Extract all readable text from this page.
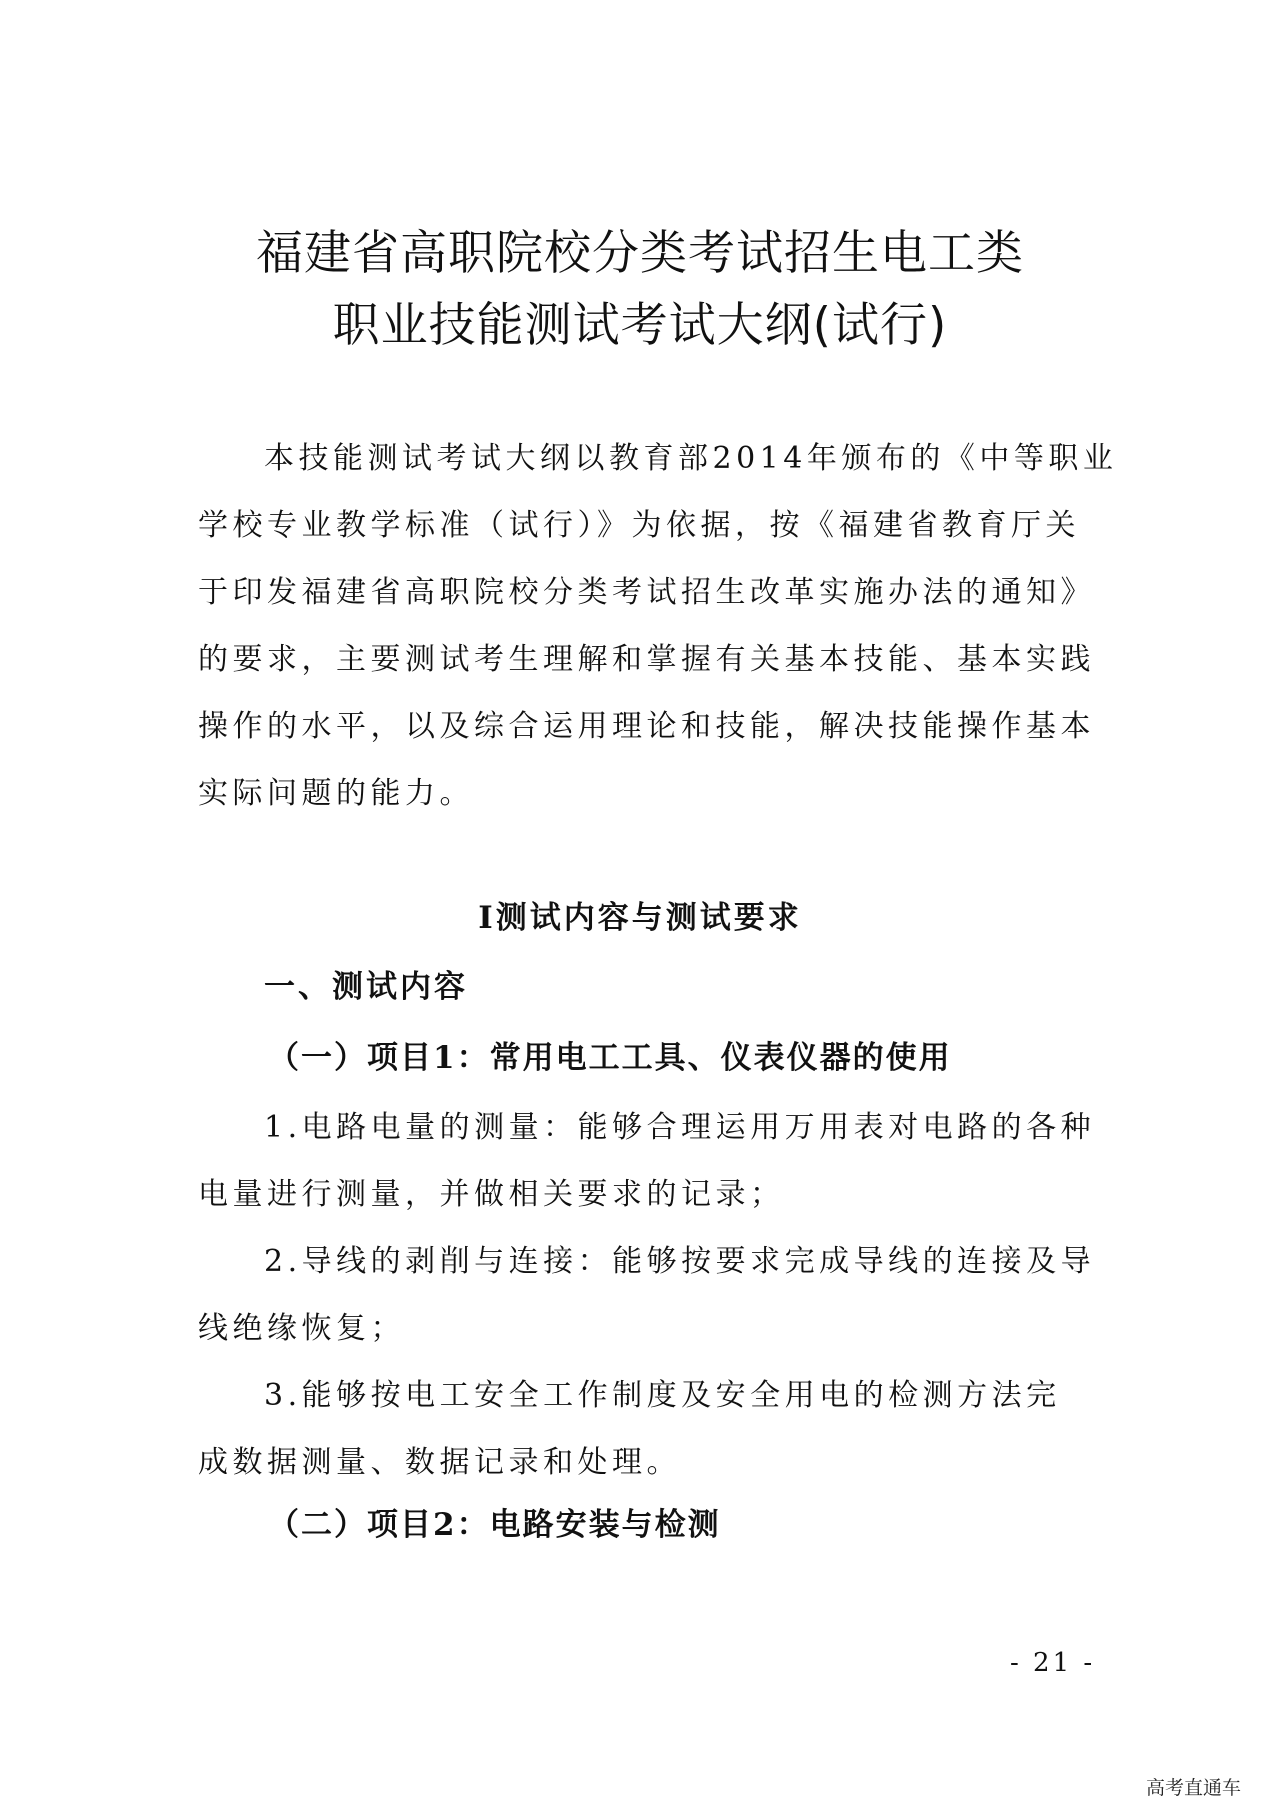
福建省高职院校分类考试招生电工类
职业技能测试考试大纲(试行)
本技能测试考试大纲以教育部2014年颁布的《中等职业
学校专业教学标准（试行）》为依据，按《福建省教育厅关
于印发福建省高职院校分类考试招生改革实施办法的通知》
的要求，主要测试考生理解和掌握有关基本技能、基本实践
操作的水平，以及综合运用理论和技能，解决技能操作基本
实际问题的能力。
Ⅰ测试内容与测试要求
一、测试内容
（一）项目1：常用电工工具、仪表仪器的使用
1.电路电量的测量：能够合理运用万用表对电路的各种
电量进行测量，并做相关要求的记录；
2.导线的剥削与连接：能够按要求完成导线的连接及导
线绝缘恢复；
3.能够按电工安全工作制度及安全用电的检测方法完
成数据测量、数据记录和处理。
（二）项目2：电路安装与检测
- 21 -
高考直通车
